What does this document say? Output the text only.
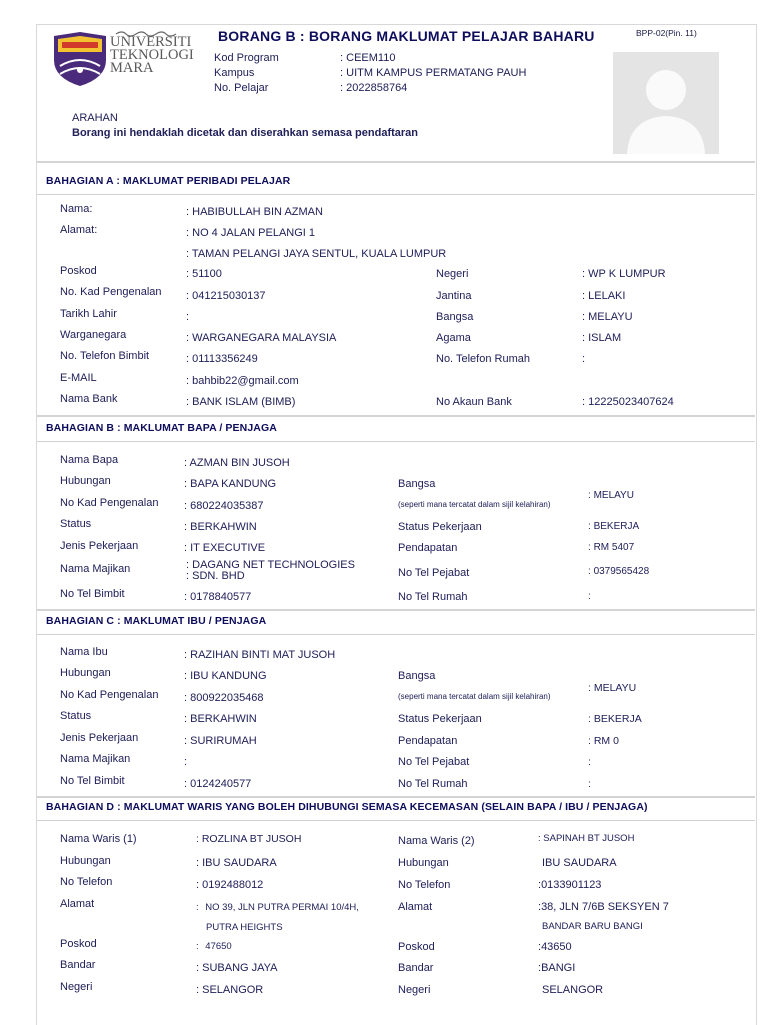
UNIVERSITI
TEKNOLOGI
MARA
BORANG B : BORANG MAKLUMAT PELAJAR BAHARU	BPP-02(Pin. 11)
Kod Program	: CEEM110
Kampus	: UITM KAMPUS PERMATANG PAUH
No. Pelajar	: 2022858764
ARAHAN
Borang ini hendaklah dicetak dan diserahkan semasa pendaftaran
BAHAGIAN A : MAKLUMAT PERIBADI PELAJAR
Nama:	: HABIBULLAH BIN AZMAN
Alamat:	: NO 4 JALAN PELANGI 1
: TAMAN PELANGI JAYA SENTUL, KUALA LUMPUR
Poskod	: 51100	Negeri	: WP K LUMPUR
No. Kad Pengenalan : 041215030137	Jantina	: LELAKI
Tarikh Lahir	:	Bangsa	: MELAYU
Warganegara	: WARGANEGARA MALAYSIA	Agama	: ISLAM
No. Telefon Bimbit	: 01113356249	No. Telefon Rumah	:
E-MAIL	: bahbib22@gmail.com
Nama Bank	: BANK ISLAM (BIMB)	No Akaun Bank	: 12225023407624
BAHAGIAN B : MAKLUMAT BAPA / PENJAGA
Nama Bapa	: AZMAN BIN JUSOH
Hubungan	: BAPA KANDUNG	Bangsa
(seperti mana tercatat dalam sijil kelahiran)
: MELAYU
No Kad Pengenalan : 680224035387
Status	: BERKAHWIN	Status Pekerjaan	: BEKERJA
Jenis Pekerjaan	: IT EXECUTIVE	Pendapatan	: RM 5407
Nama Majikan	: DAGANG NET TECHNOLOGIES
: SDN. BHD	No Tel Pejabat	: 0379565428
No Tel Bimbit	: 0178840577	No Tel Rumah	:
BAHAGIAN C : MAKLUMAT IBU / PENJAGA
Nama Ibu	: RAZIHAN BINTI MAT JUSOH
Hubungan	: IBU KANDUNG	Bangsa
(seperti mana tercatat dalam sijil kelahiran)
: MELAYU
No Kad Pengenalan : 800922035468
Status	: BERKAHWIN	Status Pekerjaan	: BEKERJA
Jenis Pekerjaan	: SURIRUMAH	Pendapatan	: RM 0
Nama Majikan	:	No Tel Pejabat	:
No Tel Bimbit	: 0124240577	No Tel Rumah	:
BAHAGIAN D : MAKLUMAT WARIS YANG BOLEH DIHUBUNGI SEMASA KECEMASAN (SELAIN BAPA / IBU / PENJAGA)
Nama Waris (1)	: ROZLINA BT JUSOH	Nama Waris (2)	: SAPINAH BT JUSOH
Hubungan	: IBU SAUDARA	Hubungan	IBU SAUDARA
No Telefon	: 0192488012	No Telefon	:0133901123
Alamat	: NO 39, JLN PUTRA PERMAI 10/4H,
PUTRA HEIGHTS
Alamat	:38, JLN 7/6B SEKSYEN 7
BANDAR BARU BANGI
Poskod	: 47650	Poskod	:43650
Bandar	: SUBANG JAYA	Bandar	:BANGI
Negeri	: SELANGOR	Negeri	SELANGOR
